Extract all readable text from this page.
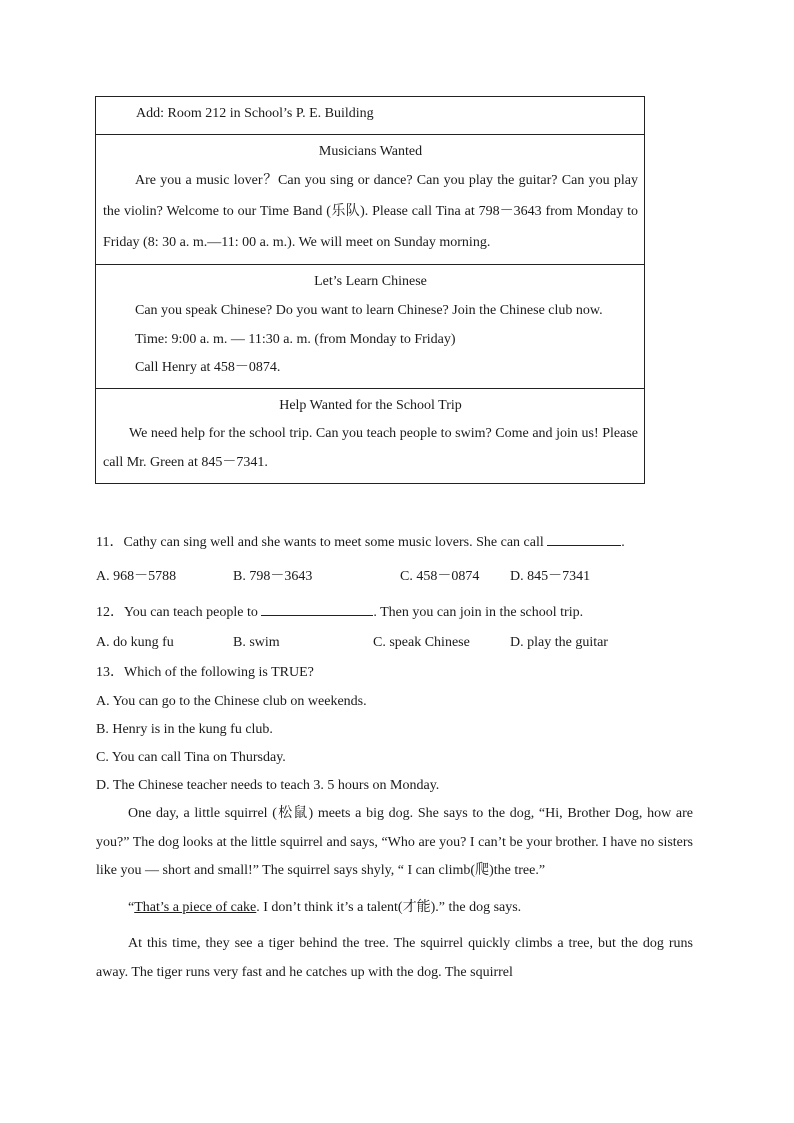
Add: Room 212 in School’s P. E. Building
Musicians Wanted

Are you a music lover？Can you sing or dance? Can you play the guitar? Can you play the violin? Welcome to our Time Band (乐队). Please call Tina at 798－3643 from Monday to Friday (8: 30 a. m.—11: 00 a. m.). We will meet on Sunday morning.

Let’s Learn Chinese

Can you speak Chinese? Do you want to learn Chinese? Join the Chinese club now.

Time: 9:00 a. m. — 11:30 a. m. (from Monday to Friday)

Call Henry at 458－0874.

Help Wanted for the School Trip

We need help for the school trip. Can you teach people to swim? Come and join us! Please call Mr. Green at 845－7341.

11．Cathy can sing well and she wants to meet some music lovers. She can call	.
A. 968－5788	B. 798－3643	C. 458－0874	D. 845－7341
12．You can teach people to	. Then you can join in the school trip.
A. do kung fu	B. swim	C. speak Chinese	D. play the guitar
13．Which of the following is TRUE?
A. You can go to the Chinese club on weekends.
B. Henry is in the kung fu club.
C. You can call Tina on Thursday.
D. The Chinese teacher needs to teach 3. 5 hours on Monday.

One day, a little squirrel (松鼠) meets a big dog. She says to the dog, “Hi, Brother Dog, how are you?” The dog looks at the little squirrel and says, “Who are you? I can’t be your brother. I have no sisters like you — short and small!” The squirrel says shyly, “ I can climb(爬)the tree.”

“That’s a piece of cake. I don’t think it’s a talent(才能).” the dog says.

At this time, they see a tiger behind the tree. The squirrel quickly climbs a tree, but the dog runs away. The tiger runs very fast and he catches up with the dog. The squirrel
